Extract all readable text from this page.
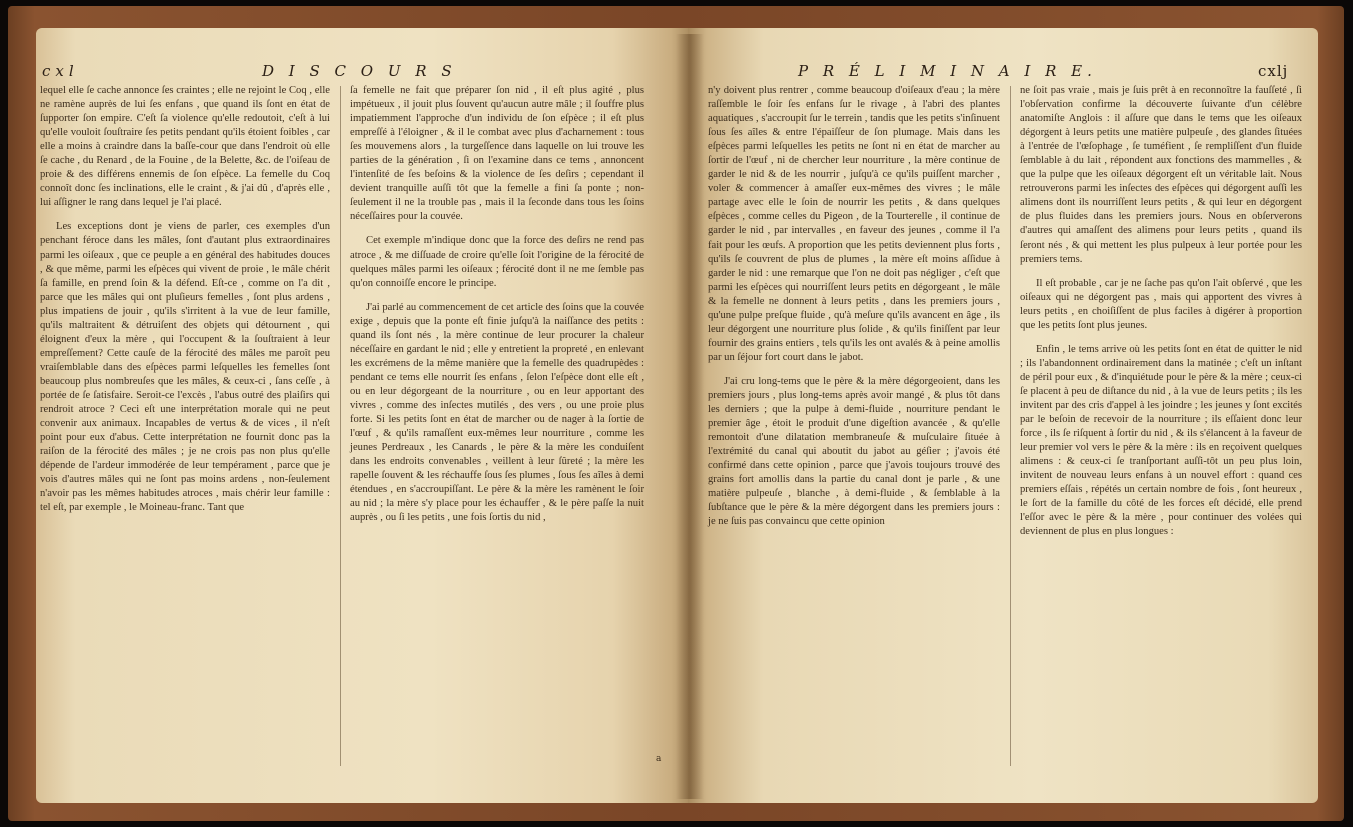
cxl	D I S C O U R S

lequel elle ſe cache annonce ſes craintes ; elle ne rejoint le Coq , elle ne ramène auprès de lui ſes enfans , que quand ils ſont en état de ſupporter ſon empire. C'eſt ſa violence qu'elle redoutoit, c'eſt à lui qu'elle vouloit ſouſtraire ſes petits pendant qu'ils étoient foibles , car elle a moins à craindre dans la baſſe-cour que dans l'endroit où elle ſe cache , du Renard , de la Fouine , de la Belette, &c. de l'oiſeau de proie & des différens ennemis de ſon eſpèce. La femelle du Coq connoît donc ſes inclinations, elle le craint , & j'ai dû , d'après elle , lui aſſigner le rang dans lequel je l'ai placé.

Les exceptions dont je viens de parler, ces exemples d'un penchant féroce dans les mâles, ſont d'autant plus extraordinaires parmi les oiſeaux , que ce peuple a en général des habitudes douces , & que même, parmi les eſpèces qui vivent de proie , le mâle chérit ſa famille, en prend ſoin & la défend. Eſt-ce , comme on l'a dit , parce que les mâles qui ont pluſieurs femelles , ſont plus ardens , plus impatiens de jouir , qu'ils s'irritent à la vue de leur famille, qu'ils maltraitent & détruiſent des objets qui détournent , qui éloignent d'eux la mère , qui l'occupent & la ſouſtraient à leur empreſſement? Cette cauſe de la férocité des mâles me paroît peu vraiſemblable dans des eſpèces parmi leſquelles les femelles ſont beaucoup plus nombreuſes que les mâles, & ceux-ci , ſans ceſſe , à portée de ſe ſatisfaire. Seroit-ce l'excès , l'abus outré des plaiſirs qui rendroit atroce ? Ceci eſt une interprétation morale qui ne peut convenir aux animaux. Incapables de vertus & de vices , il n'eſt point pour eux d'abus. Cette interprétation ne fournit donc pas la raiſon de la férocité des mâles ; je ne crois pas non plus qu'elle dépende de l'ardeur immodérée de leur tempérament , parce que je vois d'autres mâles qui ne ſont pas moins ardens , non-ſeulement n'avoir pas les mêmes habitudes atroces , mais chérir leur famille : tel eſt, par exemple , le Moineau-franc. Tant que

ſa femelle ne fait que préparer ſon nid , il eſt plus agité , plus impétueux , il jouit plus ſouvent qu'aucun autre mâle ; il ſouffre plus impatiemment l'approche d'un individu de ſon eſpèce ; il eſt plus empreſſé à l'éloigner , & il le combat avec plus d'acharnement : tous ſes mouvemens alors , la turgeſſence dans laquelle on lui trouve les parties de la génération , ſi on l'examine dans ce tems , annoncent l'intenſité de ſes beſoins & la violence de ſes deſirs ; cependant il devient tranquille auſſi tôt que la femelle a fini ſa ponte ; non-ſeulement il ne la trouble pas , mais il la ſeconde dans tous les ſoins néceſſaires pour la couvée.

Cet exemple m'indique donc que la force des deſirs ne rend pas atroce , & me diſſuade de croire qu'elle ſoit l'origine de la férocité de quelques mâles parmi les oiſeaux ; férocité dont il ne me ſemble pas qu'on connoiſſe encore le principe.

J'ai parlé au commencement de cet article des ſoins que la couvée exige , depuis que la ponte eſt finie juſqu'à la naiſſance des petits : quand ils ſont nés , la mère continue de leur procurer la chaleur néceſſaire en gardant le nid ; elle y entretient la propreté , en enlevant les excrémens de la même manière que la femelle des quadrupèdes : pendant ce tems elle nourrit ſes enfans , ſelon l'eſpèce dont elle eſt , ou en leur dégorgeant de la nourriture , ou en leur apportant des vivres , comme des inſectes mutilés , des vers , ou une proie plus forte. Si les petits ſont en état de marcher ou de nager à la ſortie de l'œuf , & qu'ils ramaſſent eux-mêmes leur nourriture , comme les jeunes Perdreaux , les Canards , le père & la mère les conduiſent dans les endroits convenables , veillent à leur ſûreté ; la mère les rapelle ſouvent & les réchauffe ſous ſes plumes , ſous ſes aîles à demi étendues , en s'accroupiſſant. Le père & la mère les ramènent le ſoir au nid ; la mère s'y place pour les échauffer , & le père paſſe la nuit auprès , ou ſi les petits , une fois ſortis du nid ,

a
P R É L I M I N A I R E.	cxlj

n'y doivent plus rentrer , comme beaucoup d'oiſeaux d'eau ; la mère raſſemble le ſoir ſes enfans ſur le rivage , à l'abri des plantes aquatiques , s'accroupit ſur le terrein , tandis que les petits s'inſinuent ſous ſes aîles & entre l'épaiſſeur de ſon plumage. Mais dans les eſpèces parmi leſquelles les petits ne ſont ni en état de marcher au ſortir de l'œuf , ni de chercher leur nourriture , la mère continue de garder le nid & de les nourrir , juſqu'à ce qu'ils puiſſent marcher , voler & commencer à amaſſer eux-mêmes des vivres ; le mâle partage avec elle le ſoin de nourrir les petits , & dans quelques eſpèces , comme celles du Pigeon , de la Tourterelle , il continue de garder le nid , par intervalles , en faveur des jeunes , comme il l'a fait pour les œufs. A proportion que les petits deviennent plus forts , qu'ils ſe couvrent de plus de plumes , la mère eſt moins aſſidue à garder le nid : une remarque que l'on ne doit pas négliger , c'eſt que parmi les eſpèces qui nourriſſent leurs petits en dégorgeant , le mâle & la femelle ne donnent à leurs petits , dans les premiers jours , qu'une pulpe preſque fluide , qu'à meſure qu'ils avancent en âge , ils leur dégorgent une nourriture plus ſolide , & qu'ils finiſſent par leur fournir des grains entiers , tels qu'ils les ont avalés & à peine amollis par un ſéjour fort court dans le jabot.

J'ai cru long-tems que le père & la mère dégorgeoient, dans les premiers jours , plus long-tems après avoir mangé , & plus tôt dans les derniers ; que la pulpe à demi-fluide , nourriture pendant le premier âge , étoit le produit d'une digeſtion avancée , & qu'elle remontoit d'une dilatation membraneuſe & muſculaire ſituée à l'extrémité du canal qui aboutit du jabot au géſier ; j'avois été confirmé dans cette opinion , parce que j'avois toujours trouvé des grains fort amollis dans la partie du canal dont je parle , & une matière pulpeuſe , blanche , à demi-fluide , & ſemblable à la ſubſtance que le père & la mère dégorgent dans les premiers jours : je ne ſuis pas convaincu que cette opinion

ne ſoit pas vraie , mais je ſuis prêt à en reconnoître la fauſſeté , ſi l'obſervation confirme la découverte ſuivante d'un célèbre anatomiſte Anglois : il aſſure que dans le tems que les oiſeaux dégorgent à leurs petits une matière pulpeuſe , des glandes ſituées à l'entrée de l'œſophage , ſe tuméfient , ſe rempliſſent d'un fluide ſemblable à du lait , répondent aux fonctions des mammelles , & que la pulpe que les oiſeaux dégorgent eſt un véritable lait. Nous retrouverons parmi les inſectes des eſpèces qui dégorgent auſſi les alimens dont ils nourriſſent leurs petits , & qui leur en dégorgent de plus fluides dans les premiers jours. Nous en obſerverons d'autres qui amaſſent des alimens pour leurs petits , quand ils ſeront nés , & qui mettent les plus pulpeux à leur portée pour les premiers tems.

Il eſt probable , car je ne ſache pas qu'on l'ait obſervé , que les oiſeaux qui ne dégorgent pas , mais qui apportent des vivres à leurs petits , en choiſiſſent de plus faciles à digérer à proportion que les petits ſont plus jeunes.

Enfin , le tems arrive où les petits ſont en état de quitter le nid ; ils l'abandonnent ordinairement dans la matinée ; c'eſt un inſtant de péril pour eux , & d'inquiétude pour le père & la mère ; ceux-ci ſe placent à peu de diſtance du nid , à la vue de leurs petits ; ils les invitent par des cris d'appel à les joindre ; les jeunes y ſont excités par le beſoin de recevoir de la nourriture ; ils eſſaient donc leur force , ils ſe riſquent à ſortir du nid , & ils s'élancent à la faveur de leur premier vol vers le père & la mère : ils en reçoivent quelques alimens : & ceux-ci ſe tranſportant auſſi-tôt un peu plus loin, invitent de nouveau leurs enfans à un nouvel effort : quand ces premiers eſſais , répétés un certain nombre de fois , ſont heureux , le ſort de la famille du côté de les forces eſt décidé, elle prend l'eſſor avec le père & la mère , pour continuer des volées qui deviennent de plus en plus longues :
